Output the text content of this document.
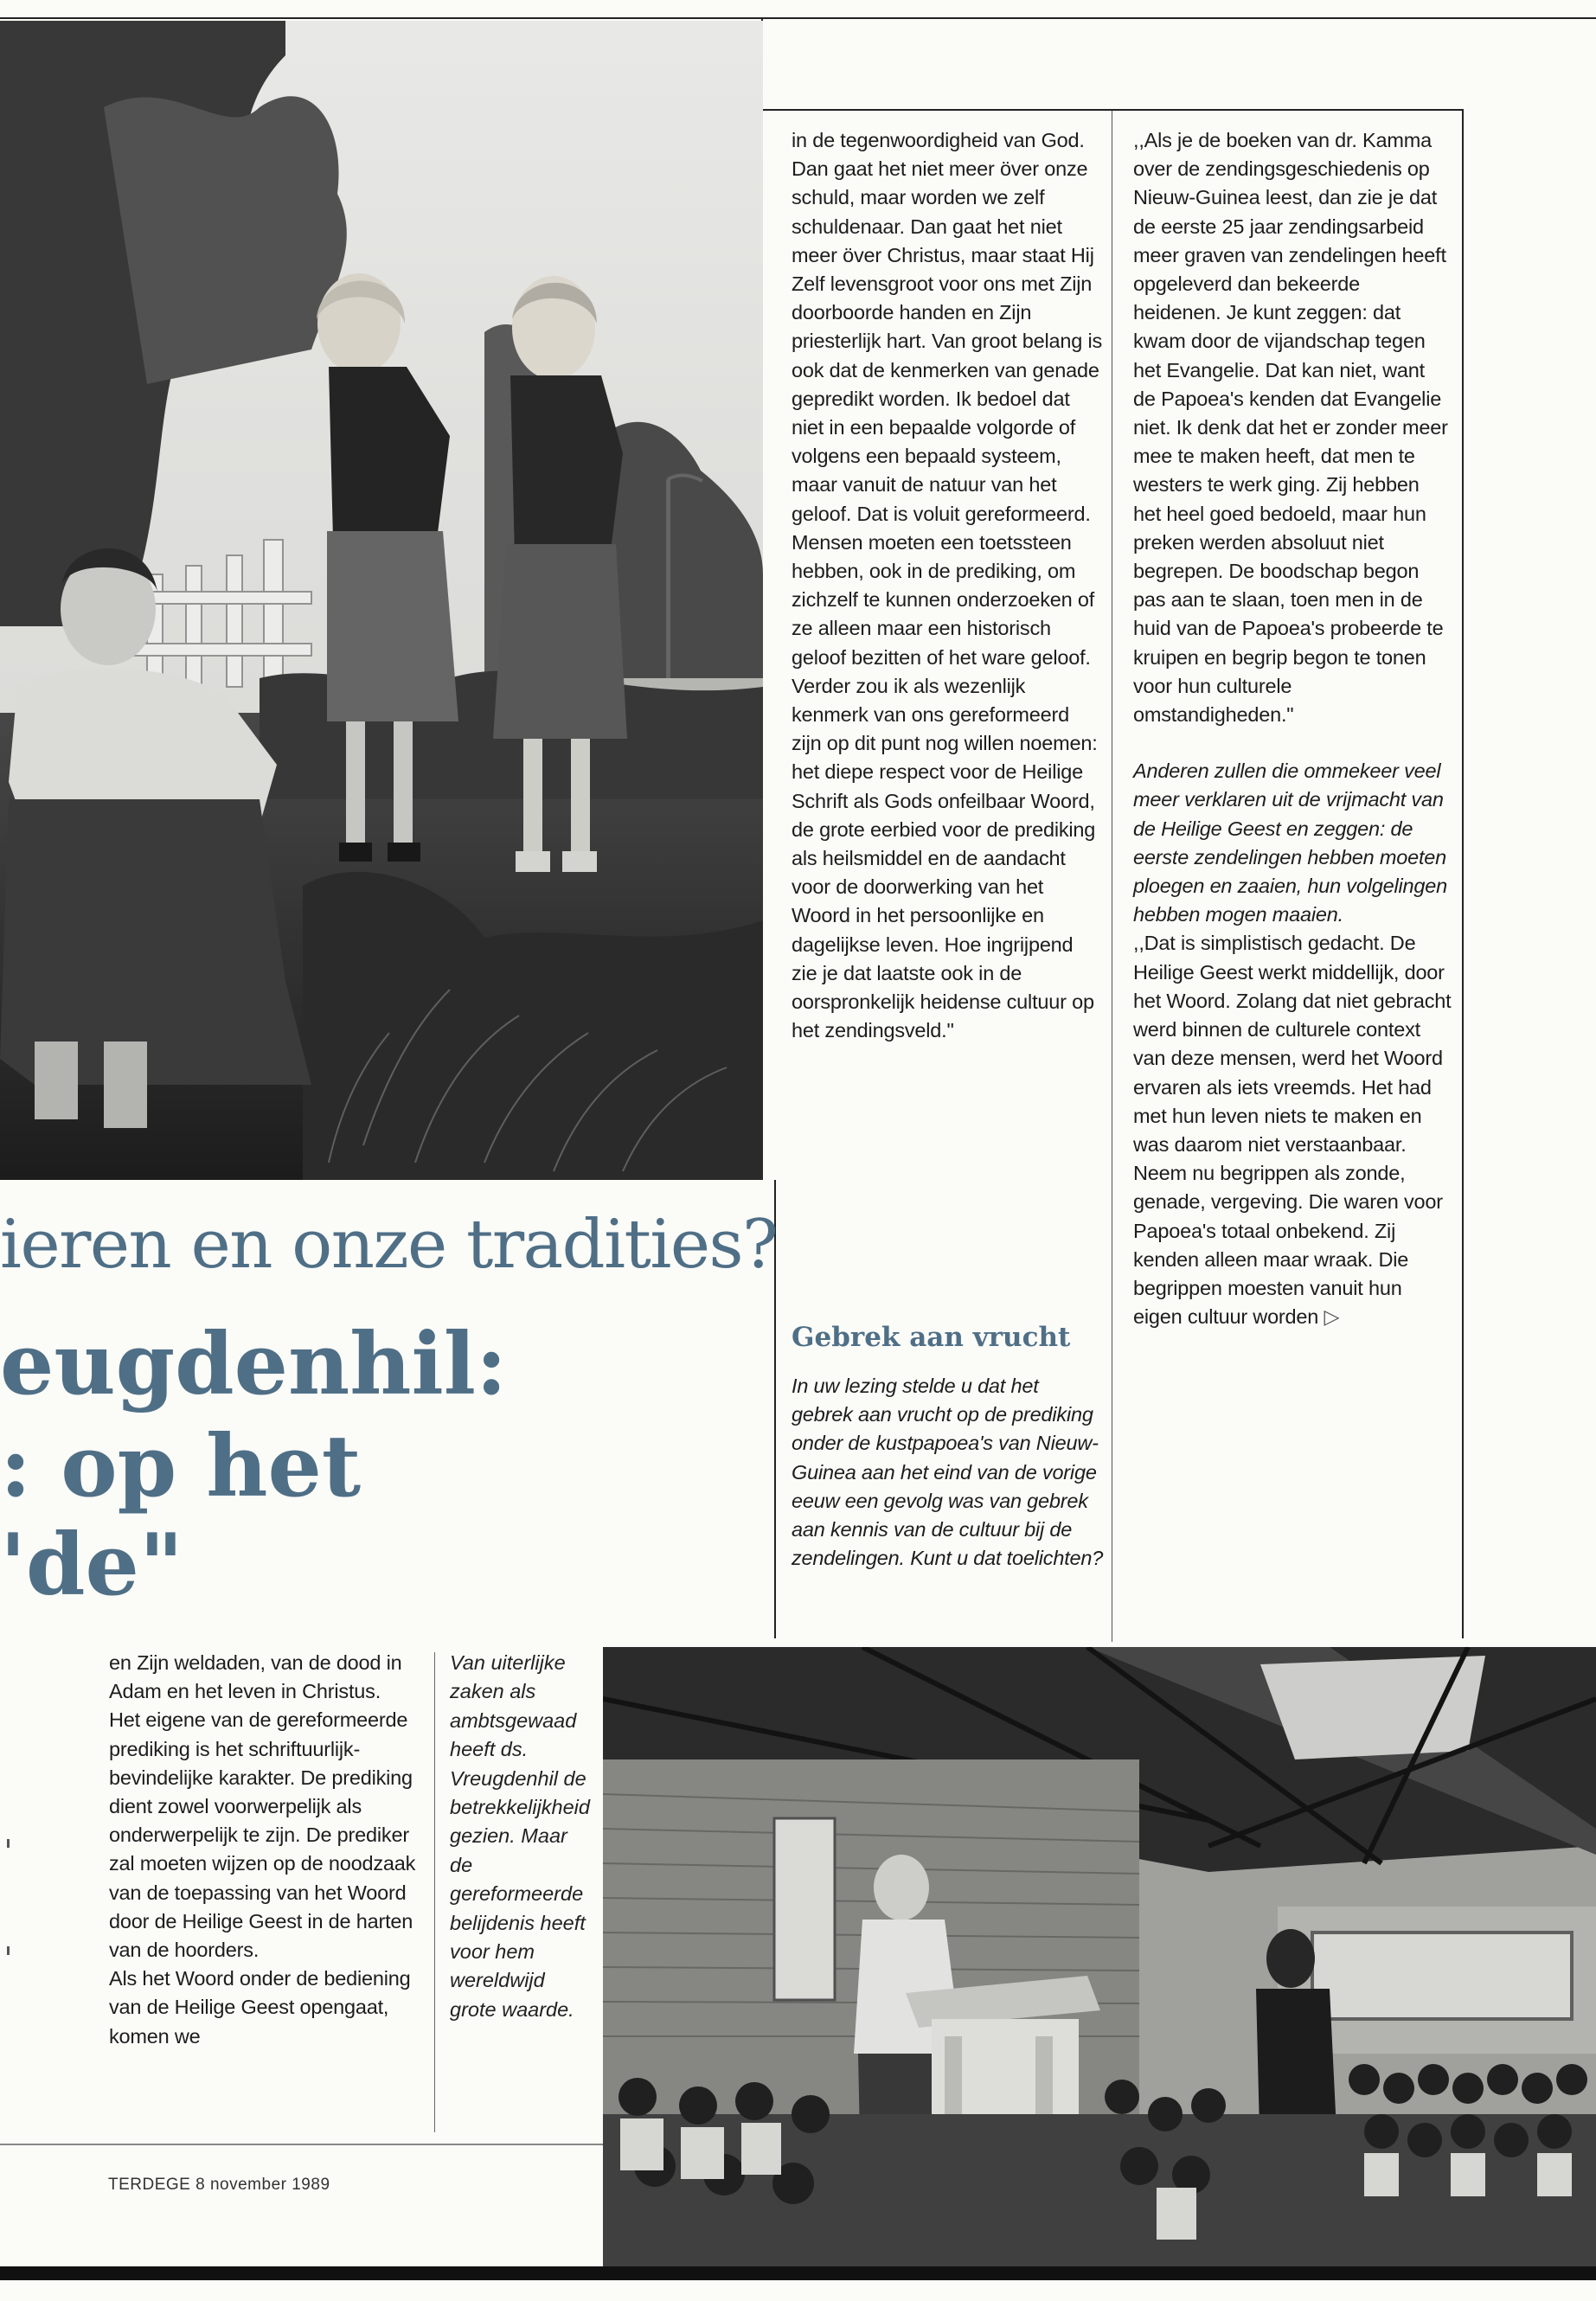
in de tegenwoordigheid van God. Dan gaat het niet meer över onze schuld, maar worden we zelf schuldenaar. Dan gaat het niet meer över Christus, maar staat Hij Zelf levensgroot voor ons met Zijn doorboorde handen en Zijn priesterlijk hart. Van groot belang is ook dat de kenmerken van genade gepredikt worden. Ik bedoel dat niet in een bepaalde volgorde of volgens een bepaald systeem, maar vanuit de natuur van het geloof. Dat is voluit gereformeerd. Mensen moeten een toetssteen hebben, ook in de prediking, om zichzelf te kunnen onderzoeken of ze alleen maar een historisch geloof bezitten of het ware geloof.

Verder zou ik als wezenlijk kenmerk van ons gereformeerd zijn op dit punt nog willen noemen: het diepe respect voor de Heilige Schrift als Gods onfeilbaar Woord, de grote eerbied voor de prediking als heilsmiddel en de aandacht voor de doorwerking van het Woord in het persoonlijke en dagelijkse leven. Hoe ingrijpend zie je dat laatste ook in de oorspronkelijk heidense cultuur op het zendingsveld."

Gebrek aan vrucht
In uw lezing stelde u dat het gebrek aan vrucht op de prediking onder de kustpapoea's van Nieuw-Guinea aan het eind van de vorige eeuw een gevolg was van gebrek aan kennis van de cultuur bij de zendelingen. Kunt u dat toelichten?

,,Als je de boeken van dr. Kamma over de zendingsgeschiedenis op Nieuw-Guinea leest, dan zie je dat de eerste 25 jaar zendingsarbeid meer graven van zendelingen heeft opgeleverd dan bekeerde heidenen. Je kunt zeggen: dat kwam door de vijandschap tegen het Evangelie. Dat kan niet, want de Papoea's kenden dat Evangelie niet. Ik denk dat het er zonder meer mee te maken heeft, dat men te westers te werk ging. Zij hebben het heel goed bedoeld, maar hun preken werden absoluut niet begrepen. De boodschap begon pas aan te slaan, toen men in de huid van de Papoea's probeerde te kruipen en begrip begon te tonen voor hun culturele omstandigheden."

Anderen zullen die ommekeer veel meer verklaren uit de vrijmacht van de Heilige Geest en zeggen: de eerste zendelingen hebben moeten ploegen en zaaien, hun volgelingen hebben mogen maaien.

,,Dat is simplistisch gedacht. De Heilige Geest werkt middellijk, door het Woord. Zolang dat niet gebracht werd binnen de culturele context van deze mensen, werd het Woord ervaren als iets vreemds. Het had met hun leven niets te maken en was daarom niet verstaanbaar. Neem nu begrippen als zonde, genade, vergeving. Die waren voor Papoea's totaal onbekend. Zij kenden alleen maar wraak. Die begrippen moesten vanuit hun eigen cultuur worden ▷

ieren en onze tradities?
eugdenhil:
: op het
'de"

en Zijn weldaden, van de dood in Adam en het leven in Christus. Het eigene van de gereformeerde prediking is het schriftuurlijk-bevindelijke karakter. De prediking dient zowel voorwerpelijk als onderwerpelijk te zijn. De prediker zal moeten wijzen op de noodzaak van de toepassing van het Woord door de Heilige Geest in de harten van de hoorders.

Als het Woord onder de bediening van de Heilige Geest opengaat, komen we

Van uiterlijke zaken als ambtsgewaad heeft ds. Vreugdenhil de betrekkelijkheid gezien. Maar de gereformeerde belijdenis heeft voor hem wereldwijd grote waarde.
TERDEGE 8 november 1989
